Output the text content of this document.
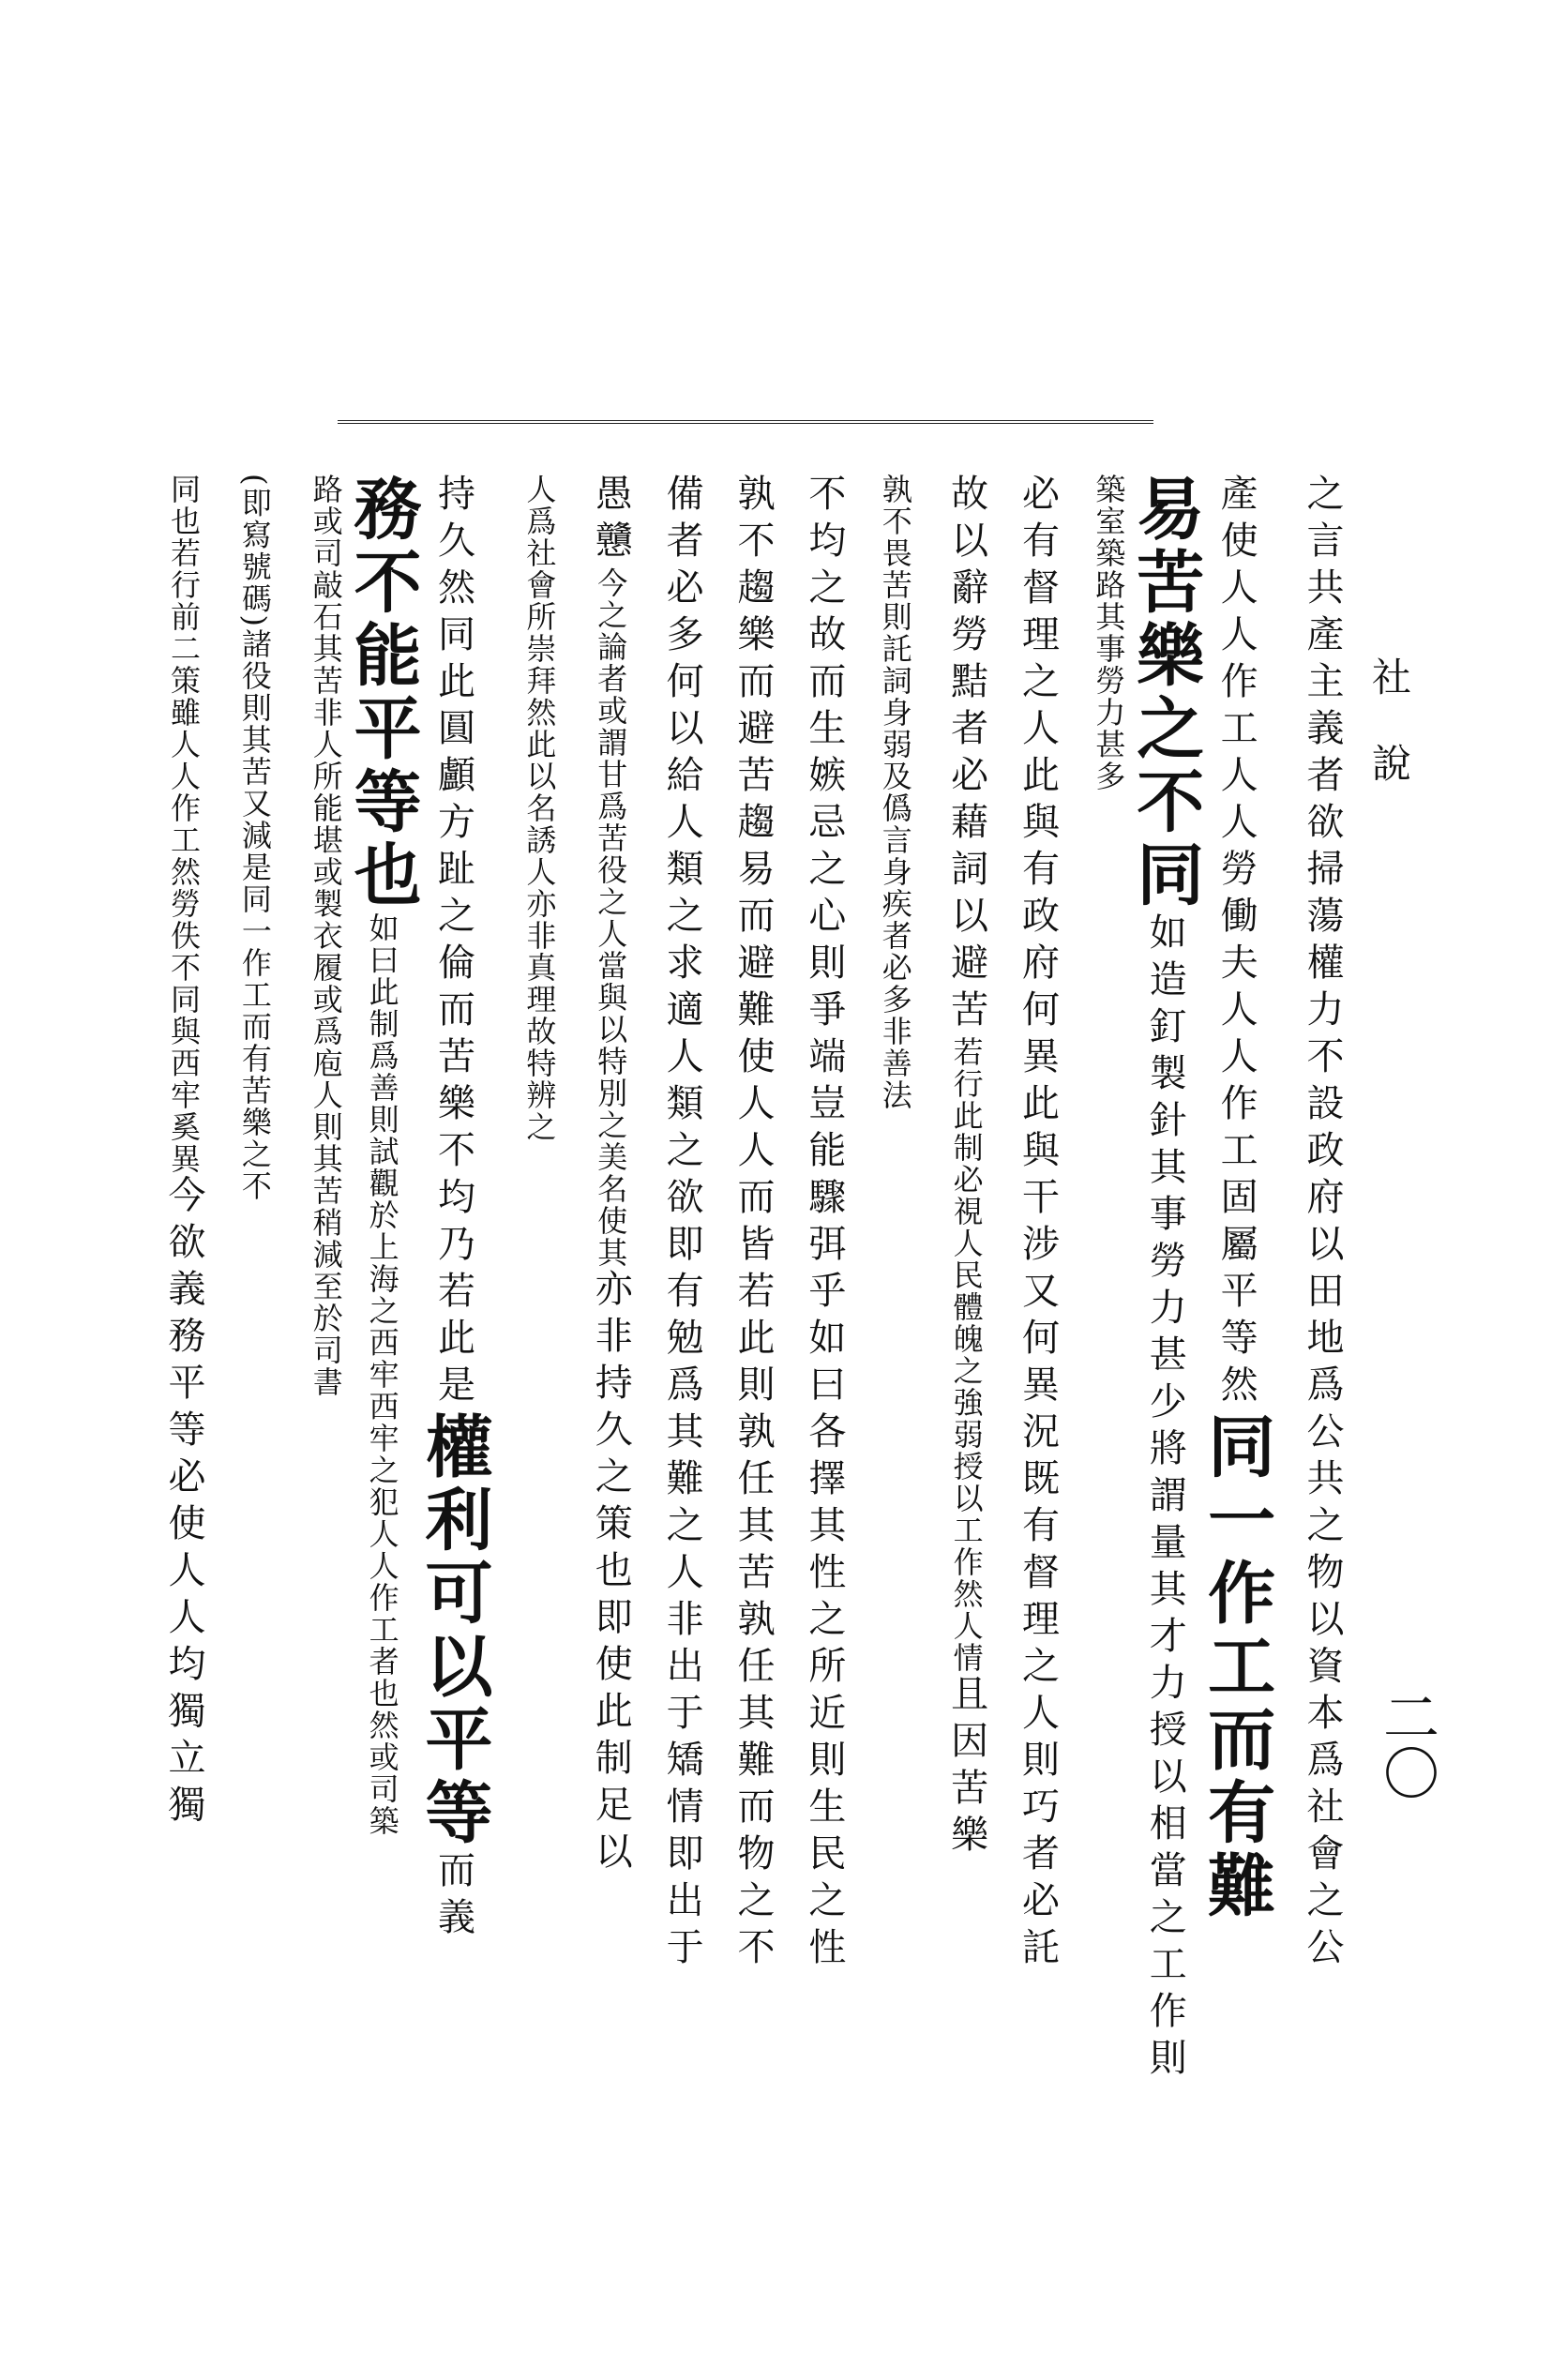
社說
二〇

之言共產主義者欲掃蕩權力不設政府以田地爲公共之物以資本爲社會之公

產使人人作工人人勞働夫人人作工固屬平等然同一作工而有難

易苦樂之不同如造釘製針其事勞力甚少將謂量其才力授以相當之工作則

築室築路其事勞力甚多

必有督理之人此與有政府何異此與干涉又何異況既有督理之人則巧者必託

故以辭勞黠者必藉詞以避苦若行此制必視人民體魄之強弱授以工作然人情且因苦樂

孰不畏苦則託詞身弱及僞言身疾者必多非善法

不均之故而生嫉忌之心則爭端豈能驟弭乎如曰各擇其性之所近則生民之性

孰不趨樂而避苦趨易而避難使人人而皆若此則孰任其苦孰任其難而物之不

備者必多何以給人類之求適人類之欲即有勉爲其難之人非出于矯情即出于

愚戇今之論者或謂甘爲苦役之人當與以特別之美名使其亦非持久之策也即使此制足以

人爲社會所崇拜然此以名誘人亦非真理故特辨之

持久然同此圓顱方趾之倫而苦樂不均乃若此是權利可以平等而義

務不能平等也如曰此制爲善則試觀於上海之西牢西牢之犯人人作工者也然或司築

路或司敲石其苦非人所能堪或製衣履或爲庖人則其苦稍減至於司書

(即寫號碼)諸役則其苦又減是同一作工而有苦樂之不

同也若行前二策雖人人作工然勞佚不同與西牢奚異今欲義務平等必使人人均獨立獨
